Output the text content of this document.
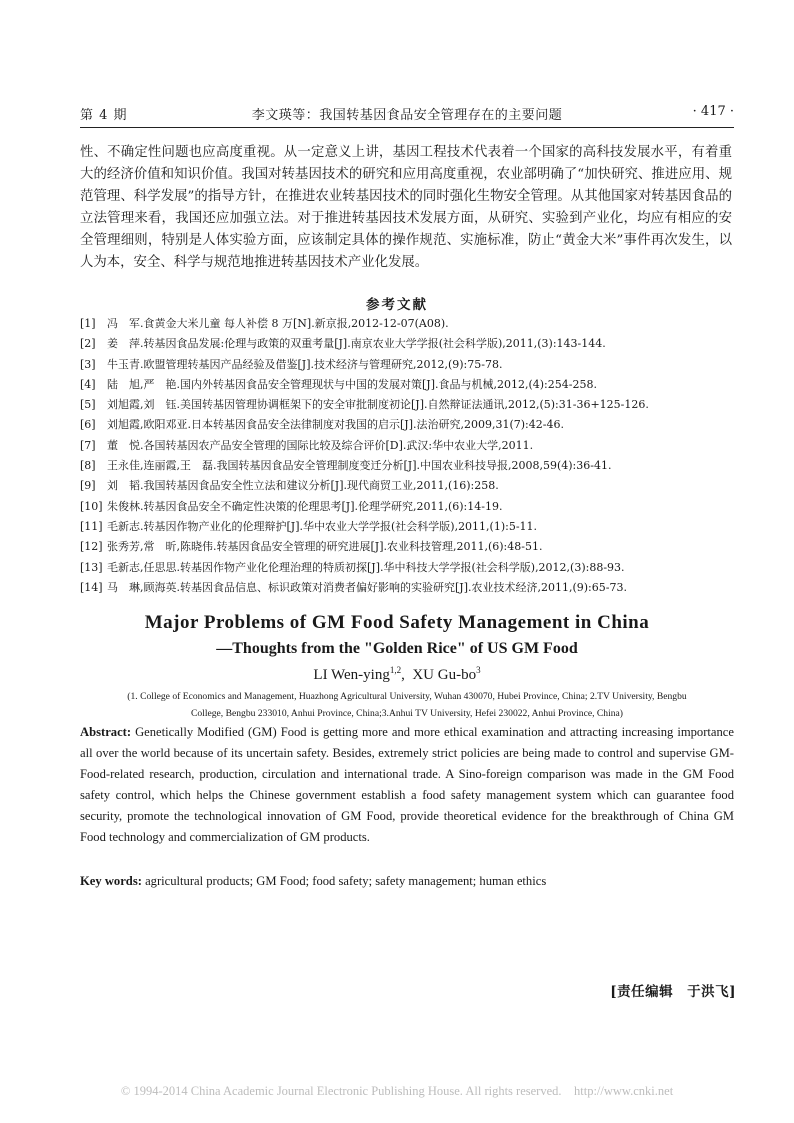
第 4 期	李文瑛等：我国转基因食品安全管理存在的主要问题	· 417 ·

性、不确定性问题也应高度重视。从一定意义上讲，基因工程技术代表着一个国家的高科技发展水平，有着重大的经济价值和知识价值。我国对转基因技术的研究和应用高度重视，农业部明确了“加快研究、推进应用、规范管理、科学发展”的指导方针，在推进农业转基因技术的同时强化生物安全管理。从其他国家对转基因食品的立法管理来看，我国还应加强立法。对于推进转基因技术发展方面，从研究、实验到产业化，均应有相应的安全管理细则，特别是人体实验方面，应该制定具体的操作规范、实施标准，防止“黄金大米”事件再次发生，以人为本，安全、科学与规范地推进转基因技术产业化发展。

参考文献
[1] 冯　军.食黄金大米儿童 每人补偿 8 万[N].新京报,2012-12-07(A08).
[2] 姜　萍.转基因食品发展:伦理与政策的双重考量[J].南京农业大学学报(社会科学版),2011,(3):143-144.
[3] 牛玉青.欧盟管理转基因产品经验及借鉴[J].技术经济与管理研究,2012,(9):75-78.
[4] 陆　旭,严　艳.国内外转基因食品安全管理现状与中国的发展对策[J].食品与机械,2012,(4):254-258.
[5] 刘旭霞,刘　钰.美国转基因管理协调框架下的安全审批制度初论[J].自然辩证法通讯,2012,(5):31-36+125-126.
[6] 刘旭霞,欧阳邓亚.日本转基因食品安全法律制度对我国的启示[J].法治研究,2009,31(7):42-46.
[7] 董　悦.各国转基因农产品安全管理的国际比较及综合评价[D].武汉:华中农业大学,2011.
[8] 王永佳,连丽霞,王　磊.我国转基因食品安全管理制度变迁分析[J].中国农业科技导报,2008,59(4):36-41.
[9] 刘　韬.我国转基因食品安全性立法和建议分析[J].现代商贸工业,2011,(16):258.
[10] 朱俊林.转基因食品安全不确定性决策的伦理思考[J].伦理学研究,2011,(6):14-19.
[11] 毛新志.转基因作物产业化的伦理辩护[J].华中农业大学学报(社会科学版),2011,(1):5-11.
[12] 张秀芳,常　昕,陈晓伟.转基因食品安全管理的研究进展[J].农业科技管理,2011,(6):48-51.
[13] 毛新志,任思思.转基因作物产业化伦理治理的特质初探[J].华中科技大学学报(社会科学版),2012,(3):88-93.
[14] 马　琳,顾海英.转基因食品信息、标识政策对消费者偏好影响的实验研究[J].农业技术经济,2011,(9):65-73.
Major Problems of GM Food Safety Management in China
—Thoughts from the "Golden Rice" of US GM Food
LI Wen-ying$^{1,2}$,  XU $Gu-bo^3$
(1. College of Economics and Management, Huazhong Agricultural University, Wuhan 430070, Hubei Province, China; 2.TV University, Bengbu
College, Bengbu 233010, Anhui Province, China;3.Anhui TV University, Hefei 230022, Anhui Province, China)

Abstract: Genetically Modified (GM) Food is getting more and more ethical examination and attracting increasing importance all over the world because of its uncertain safety. Besides, extremely strict policies are being made to control and supervise GM-Food-related research, production, circulation and international trade. A Sino-foreign comparison was made in the GM Food safety control, which helps the Chinese government establish a food safety management system which can guarantee food security, promote the technological innovation of GM Food, provide theoretical evidence for the breakthrough of China GM Food technology and commercialization of GM products.

Key words: agricultural products; GM Food; food safety; safety management; human ethics

[责任编辑　于洪飞]
© 1994-2014 China Academic Journal Electronic Publishing House. All rights reserved.    http://www.cnki.net
